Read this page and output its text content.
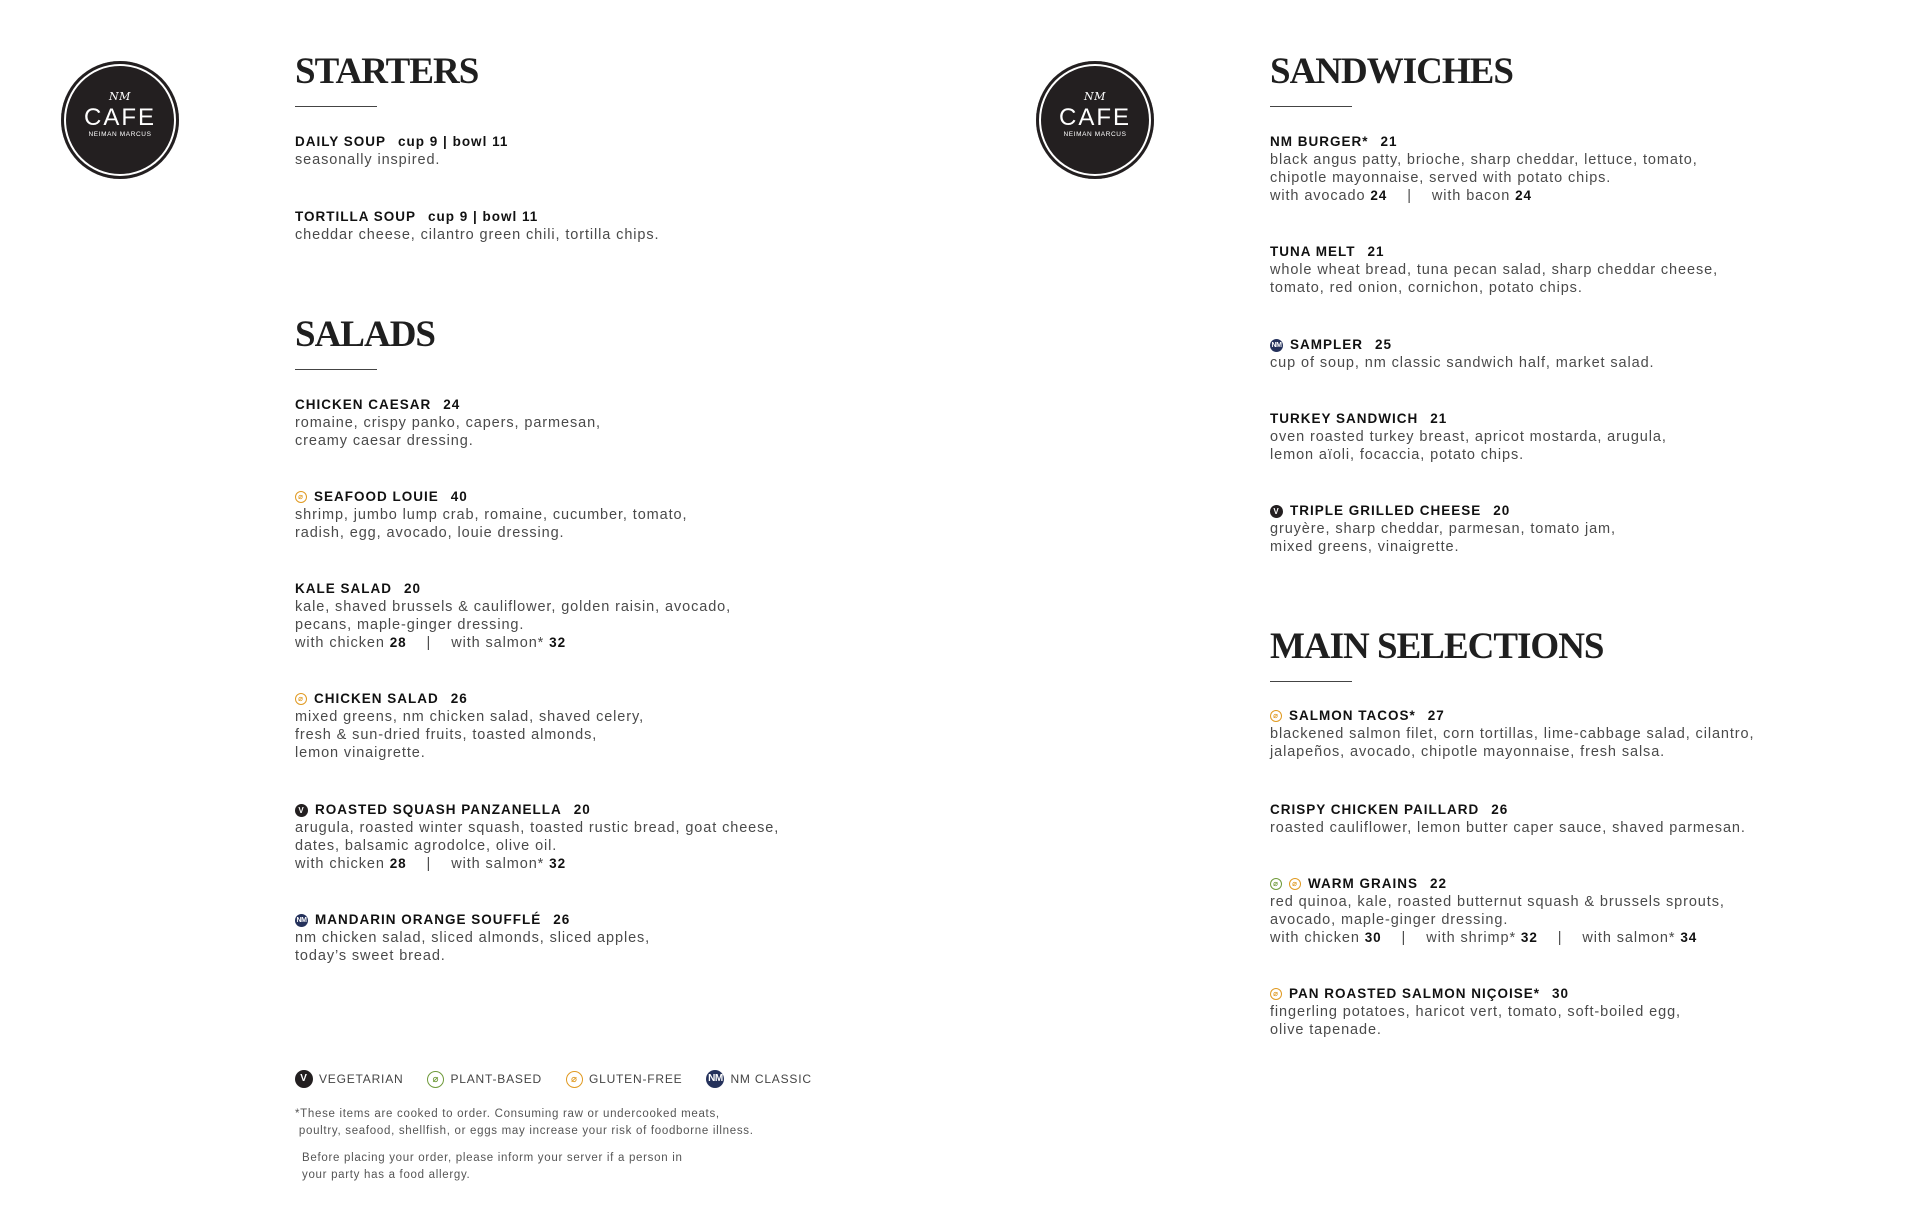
NM
CAFE
NEIMAN MARCUS
NM
CAFE
NEIMAN MARCUS
STARTERS
DAILY SOUP cup 9 | bowl 11
seasonally inspired.
TORTILLA SOUP cup 9 | bowl 11
cheddar cheese, cilantro green chili, tortilla chips.
SALADS
CHICKEN CAESAR 24
romaine, crispy panko, capers, parmesan,
creamy caesar dressing.
⌀ SEAFOOD LOUIE 40
shrimp, jumbo lump crab, romaine, cucumber, tomato,
radish, egg, avocado, louie dressing.
KALE SALAD 20
kale, shaved brussels & cauliflower, golden raisin, avocado,
pecans, maple-ginger dressing.
with chicken 28 | with salmon* 32
⌀ CHICKEN SALAD 26
mixed greens, nm chicken salad, shaved celery,
fresh & sun-dried fruits, toasted almonds,
lemon vinaigrette.
V ROASTED SQUASH PANZANELLA 20
arugula, roasted winter squash, toasted rustic bread, goat cheese,
dates, balsamic agrodolce, olive oil.
with chicken 28 | with salmon* 32
NM MANDARIN ORANGE SOUFFLÉ 26
nm chicken salad, sliced almonds, sliced apples,
today’s sweet bread.
V VEGETARIAN	⌀ PLANT-BASED	⌀ GLUTEN-FREE	NM NM CLASSIC
*These items are cooked to order. Consuming raw or undercooked meats,
poultry, seafood, shellfish, or eggs may increase your risk of foodborne illness.
Before placing your order, please inform your server if a person in
your party has a food allergy.
SANDWICHES
NM BURGER* 21
black angus patty, brioche, sharp cheddar, lettuce, tomato,
chipotle mayonnaise, served with potato chips.
with avocado 24 | with bacon 24
TUNA MELT 21
whole wheat bread, tuna pecan salad, sharp cheddar cheese,
tomato, red onion, cornichon, potato chips.
NM SAMPLER 25
cup of soup, nm classic sandwich half, market salad.
TURKEY SANDWICH 21
oven roasted turkey breast, apricot mostarda, arugula,
lemon aïoli, focaccia, potato chips.
V TRIPLE GRILLED CHEESE 20
gruyère, sharp cheddar, parmesan, tomato jam,
mixed greens, vinaigrette.
MAIN SELECTIONS
⌀ SALMON TACOS* 27
blackened salmon filet, corn tortillas, lime-cabbage salad, cilantro,
jalapeños, avocado, chipotle mayonnaise, fresh salsa.
CRISPY CHICKEN PAILLARD 26
roasted cauliflower, lemon butter caper sauce, shaved parmesan.
⌀	⌀ WARM GRAINS 22
red quinoa, kale, roasted butternut squash & brussels sprouts,
avocado, maple-ginger dressing.
with chicken 30 | with shrimp* 32 | with salmon* 34
⌀ PAN ROASTED SALMON NIÇOISE* 30
fingerling potatoes, haricot vert, tomato, soft-boiled egg,
olive tapenade.
